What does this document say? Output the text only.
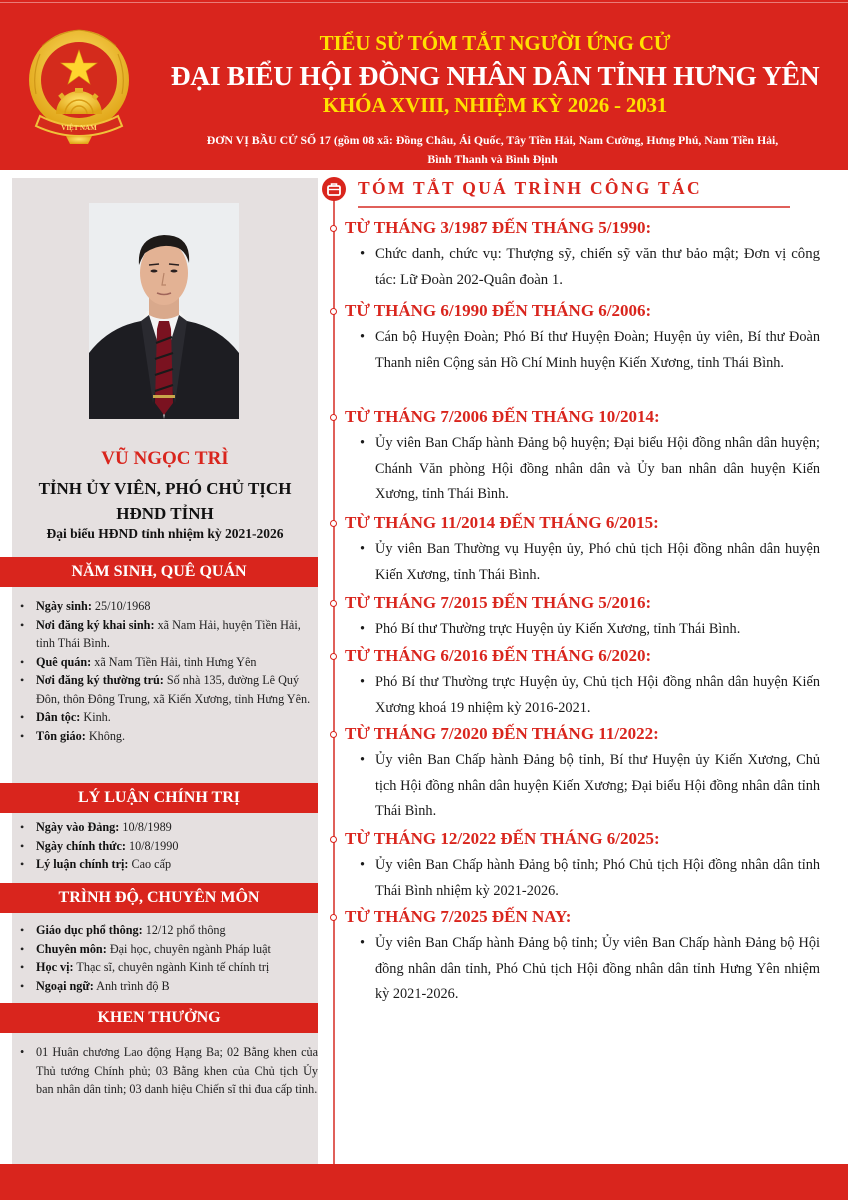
VIỆT NAM
TIỂU SỬ TÓM TẮT NGƯỜI ỨNG CỬ
ĐẠI BIỂU HỘI ĐỒNG NHÂN DÂN TỈNH HƯNG YÊN
KHÓA XVIII, NHIỆM KỲ 2026 - 2031
ĐƠN VỊ BẦU CỬ SỐ 17 (gồm 08 xã: Đồng Châu, Ái Quốc, Tây Tiền Hải, Nam Cường, Hưng Phú, Nam Tiền Hải,
Bình Thanh và Bình Định
VŨ NGỌC TRÌ
TỈNH ỦY VIÊN, PHÓ CHỦ TỊCH
HĐND TỈNH
Đại biểu HĐND tỉnh nhiệm kỳ 2021-2026
NĂM SINH, QUÊ QUÁN
• Ngày sinh: 25/10/1968
• Nơi đăng ký khai sinh: xã Nam Hải, huyện Tiền Hải, tỉnh Thái Bình.
• Quê quán: xã Nam Tiền Hải, tỉnh Hưng Yên
• Nơi đăng ký thường trú: Số nhà 135, đường Lê Quý Đôn, thôn Đông Trung, xã Kiến Xương, tỉnh Hưng Yên.
• Dân tộc: Kinh.
• Tôn giáo: Không.
LÝ LUẬN CHÍNH TRỊ
• Ngày vào Đảng: 10/8/1989
• Ngày chính thức: 10/8/1990
• Lý luận chính trị: Cao cấp
TRÌNH ĐỘ, CHUYÊN MÔN
• Giáo dục phổ thông: 12/12 phổ thông
• Chuyên môn: Đại học, chuyên ngành Pháp luật
• Học vị: Thạc sĩ, chuyên ngành Kinh tế chính trị
• Ngoại ngữ: Anh trình độ B
KHEN THƯỞNG
• 01 Huân chương Lao động Hạng Ba; 02 Bằng khen của Thủ tướng Chính phủ; 03 Bằng khen của Chủ tịch Ủy ban nhân dân tỉnh; 03 danh hiệu Chiến sĩ thi đua cấp tỉnh.
TÓM TẮT QUÁ TRÌNH CÔNG TÁC
TỪ THÁNG 3/1987 ĐẾN THÁNG 5/1990:
• Chức danh, chức vụ: Thượng sỹ, chiến sỹ văn thư bảo mật; Đơn vị công tác: Lữ Đoàn 202-Quân đoàn 1.
TỪ THÁNG 6/1990 ĐẾN THÁNG 6/2006:
• Cán bộ Huyện Đoàn; Phó Bí thư Huyện Đoàn; Huyện ủy viên, Bí thư Đoàn Thanh niên Cộng sản Hồ Chí Minh huyện Kiến Xương, tỉnh Thái Bình.
TỪ THÁNG 7/2006 ĐẾN THÁNG 10/2014:
• Ủy viên Ban Chấp hành Đảng bộ huyện; Đại biểu Hội đồng nhân dân huyện; Chánh Văn phòng Hội đồng nhân dân và Ủy ban nhân dân huyện Kiến Xương, tỉnh Thái Bình.
TỪ THÁNG 11/2014 ĐẾN THÁNG 6/2015:
• Ủy viên Ban Thường vụ Huyện ủy, Phó chủ tịch Hội đồng nhân dân huyện Kiến Xương, tỉnh Thái Bình.
TỪ THÁNG 7/2015 ĐẾN THÁNG 5/2016:
• Phó Bí thư Thường trực Huyện ủy Kiến Xương, tỉnh Thái Bình.
TỪ THÁNG 6/2016 ĐẾN THÁNG 6/2020:
• Phó Bí thư Thường trực Huyện ủy, Chủ tịch Hội đồng nhân dân huyện Kiến Xương khoá 19 nhiệm kỳ 2016-2021.
TỪ THÁNG 7/2020 ĐẾN THÁNG 11/2022:
• Ủy viên Ban Chấp hành Đảng bộ tỉnh, Bí thư Huyện ủy Kiến Xương, Chủ tịch Hội đồng nhân dân huyện Kiến Xương; Đại biểu Hội đồng nhân dân tỉnh Thái Bình.
TỪ THÁNG 12/2022 ĐẾN THÁNG 6/2025:
• Ủy viên Ban Chấp hành Đảng bộ tỉnh; Phó Chủ tịch Hội đồng nhân dân tỉnh Thái Bình nhiệm kỳ 2021-2026.
TỪ THÁNG 7/2025 ĐẾN NAY:
• Ủy viên Ban Chấp hành Đảng bộ tỉnh; Ủy viên Ban Chấp hành Đảng bộ Hội đồng nhân dân tỉnh, Phó Chủ tịch Hội đồng nhân dân tỉnh Hưng Yên nhiệm kỳ 2021-2026.
